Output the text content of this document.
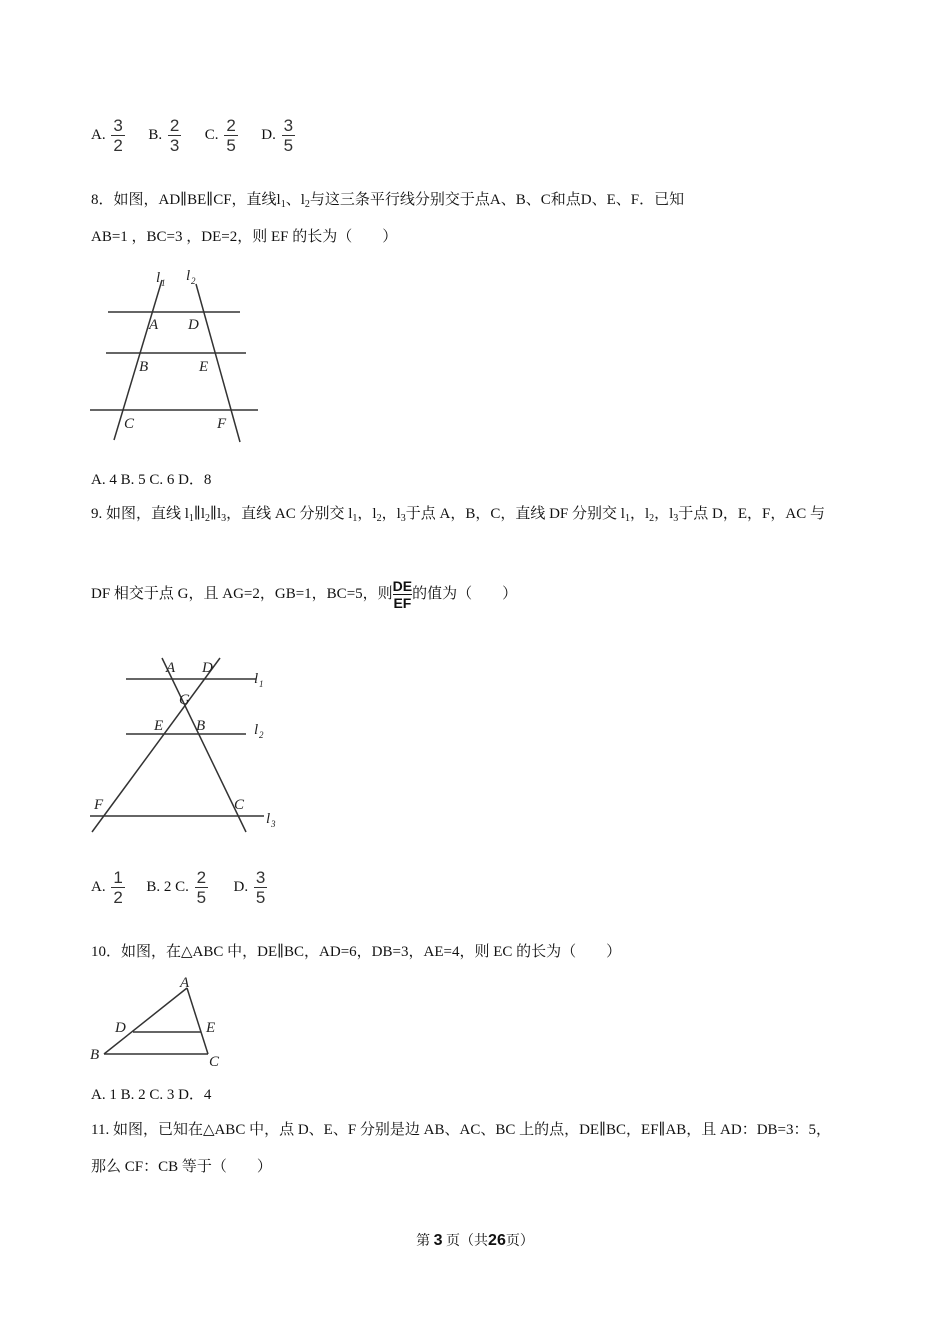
A. $\frac{3}{2} B$. $\frac{2}{3} C$. $\frac{2}{5} D$. $\frac{3}{5}$
8．如图，AD∥BE∥CF，直线$l_1$、$l_2$与这三条平行线分别交于点A、B、C和点D、E、F．已知
AB=1 ，BC=3 ，DE=2，则 EF 的长为（　　）
l 1 l 2
A D
B	E
C	F
A. 4 B. 5 C. 6 D．8
9. 如图，直线 $l_1\parallel l_2\parallel l_3$，直线 AC 分别交 $l_1$，$l_2$，$l_3$于点 A，B，C，直线 DF 分别交 $l_1$，$l_2$，$l_3$于点 D，E，F，AC 与
DF 相交于点 G，且 AG=2，GB=1，BC=5，则 $\frac{DE}{EF}$ 的值为（　　）
A D
G
E B
F	C
l 1
l 2
l 3
A. $\frac{1}{2} B$. 2 C. $\frac{2}{5} D$. $\frac{3}{5}$
10．如图，在△ABC 中，DE∥BC，AD=6，DB=3，AE=4，则 EC 的长为（　　）
A
D	E
B	C
A. 1 B. 2 C. 3 D．4
11. 如图，已知在△ABC 中，点 D、E、F 分别是边 AB、AC、BC 上的点，DE∥BC，EF∥AB，且 AD：DB=3：5，
那么 CF：CB 等于（　　）
第 3 页（共26页）
